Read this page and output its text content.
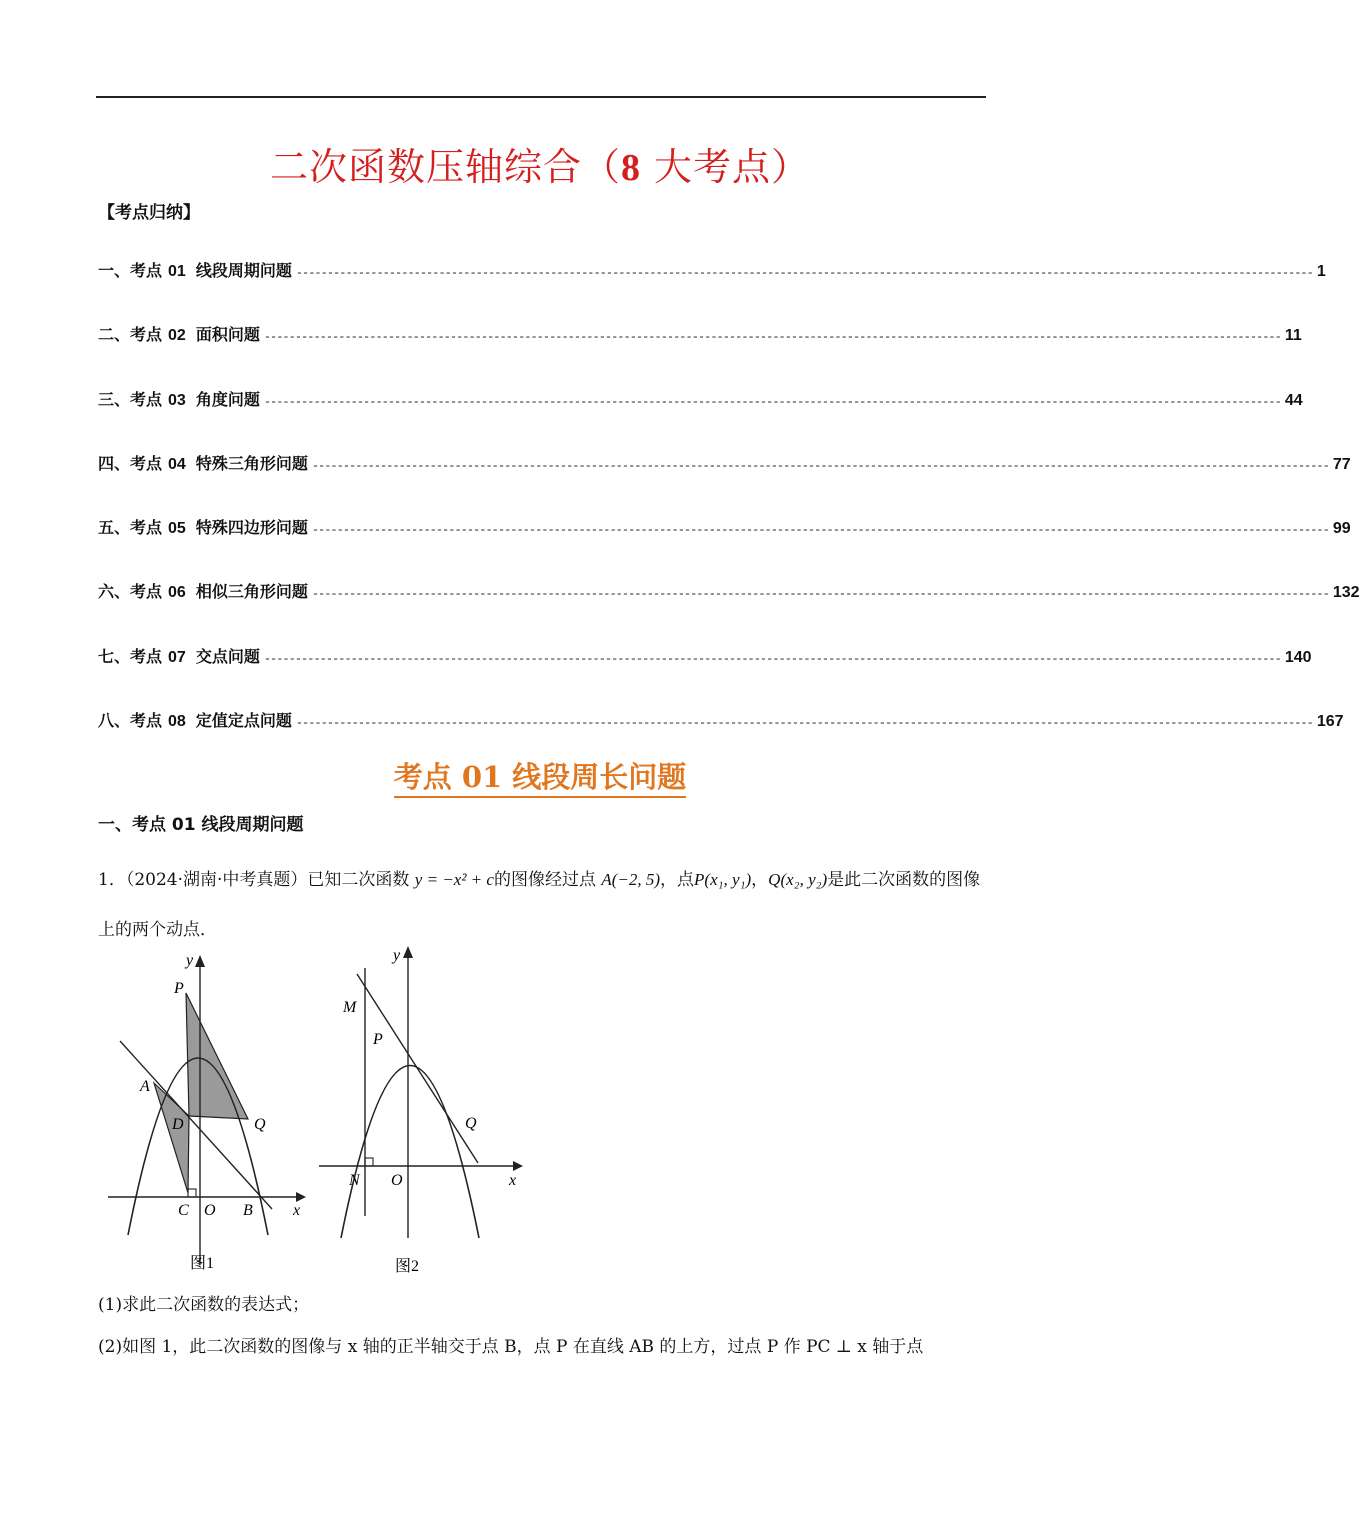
二次函数压轴综合（8 大考点）
【考点归纳】
一、考点 01 线段周期问题 -------------------------------------------------------------------------------------------------------------------------------------------------------------------- 1
二、考点 02 面积问题 -------------------------------------------------------------------------------------------------------------------------------------------------------------------- 11
三、考点 03 角度问题 -------------------------------------------------------------------------------------------------------------------------------------------------------------------- 44
四、考点 04 特殊三角形问题 -------------------------------------------------------------------------------------------------------------------------------------------------------------------- 77
五、考点 05 特殊四边形问题 -------------------------------------------------------------------------------------------------------------------------------------------------------------------- 99
六、考点 06 相似三角形问题 -------------------------------------------------------------------------------------------------------------------------------------------------------------------- 132
七、考点 07 交点问题 -------------------------------------------------------------------------------------------------------------------------------------------------------------------- 140
八、考点 08 定值定点问题 -------------------------------------------------------------------------------------------------------------------------------------------------------------------- 167
考点 01 线段周长问题
一、考点 01 线段周期问题
1．（2024·湖南·中考真题）已知二次函数 y = −x² + c的图像经过点 A(−2, 5)，点P(x₁, y₁)，Q(x₂, y₂)是此二次函数的图像上的两个动点．
y
x
P
A
D	Q
C O B
图1
y
x
M
P
Q
N O
图2
(1)求此二次函数的表达式；
(2)如图 1，此二次函数的图像与 x 轴的正半轴交于点 B，点 P 在直线 AB 的上方，过点 P 作 PC ⊥ x 轴于点
